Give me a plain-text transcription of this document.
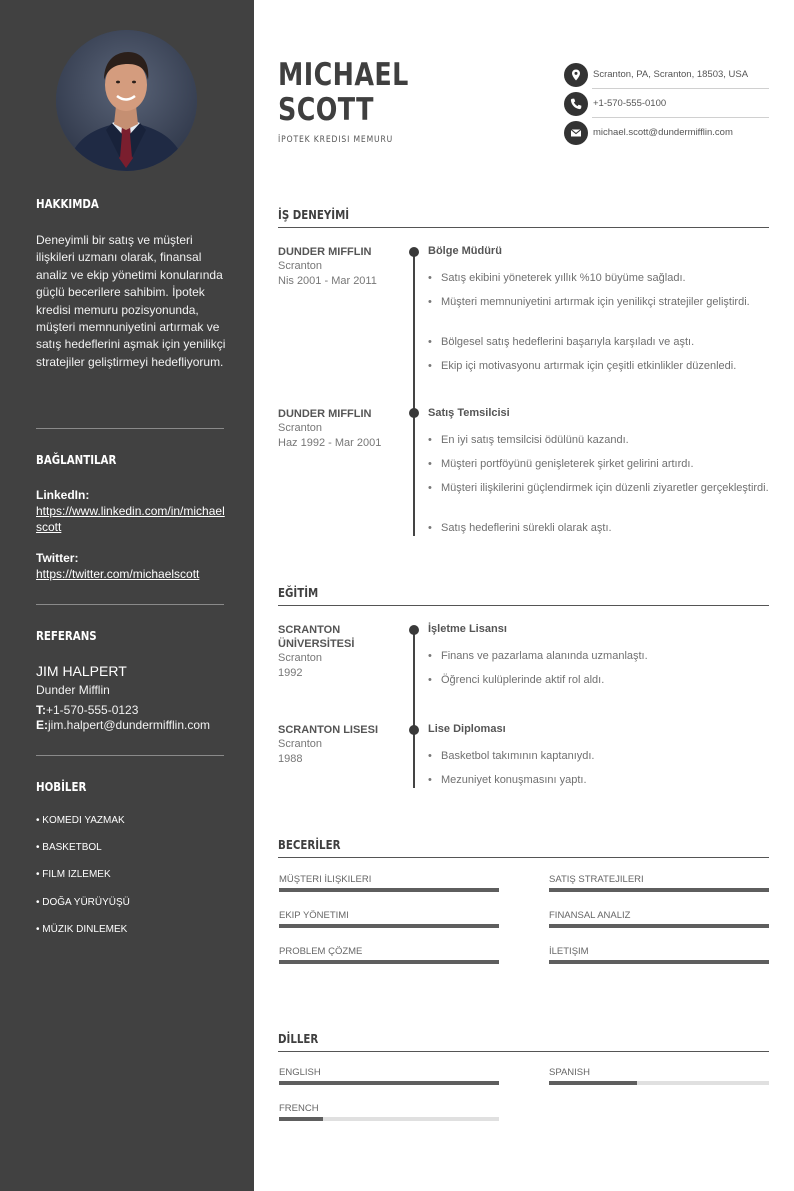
HAKKIMDA

Deneyimli bir satış ve müşteri ilişkileri uzmanı olarak, finansal analiz ve ekip yönetimi konularında güçlü becerilere sahibim. İpotek kredisi memuru pozisyonunda, müşteri memnuniyetini artırmak ve satış hedeflerini aşmak için yenilikçi stratejiler geliştirmeyi hedefliyorum.

BAĞLANTILAR
LinkedIn:
https://www.linkedin.com/in/michaelscott
Twitter:
https://twitter.com/michaelscott
REFERANS
JIM HALPERT
Dunder Mifflin
T:+1-570-555-0123
E:jim.halpert@dundermifflin.com
HOBİLER
• KOMEDI YAZMAK
• BASKETBOL
• FILM IZLEMEK
• DOĞA YÜRÜYÜŞÜ
• MÜZIK DINLEMEK
MICHAEL
SCOTT
İPOTEK KREDISI MEMURU
Scranton, PA, Scranton, 18503, USA
+1-570-555-0100
michael.scott@dundermifflin.com
İŞ DENEYİMİ
DUNDER MIFFLIN
Scranton
Nis 2001 - Mar 2011
Bölge Müdürü
• Satış ekibini yöneterek yıllık %10 büyüme sağladı.
• Müşteri memnuniyetini artırmak için yenilikçi stratejiler geliştirdi.
• Bölgesel satış hedeflerini başarıyla karşıladı ve aştı.
• Ekip içi motivasyonu artırmak için çeşitli etkinlikler düzenledi.
DUNDER MIFFLIN
Scranton
Haz 1992 - Mar 2001
Satış Temsilcisi
• En iyi satış temsilcisi ödülünü kazandı.
• Müşteri portföyünü genişleterek şirket gelirini artırdı.
• Müşteri ilişkilerini güçlendirmek için düzenli ziyaretler gerçekleştirdi.
• Satış hedeflerini sürekli olarak aştı.
EĞİTİM
SCRANTON ÜNİVERSİTESİ
Scranton
1992
İşletme Lisansı
• Finans ve pazarlama alanında uzmanlaştı.
• Öğrenci kulüplerinde aktif rol aldı.
SCRANTON LISESI
Scranton
1988
Lise Diploması
• Basketbol takımının kaptanıydı.
• Mezuniyet konuşmasını yaptı.
BECERİLER
MÜŞTERI İLIŞKILERI	SATIŞ STRATEJILERI
EKIP YÖNETIMI	FINANSAL ANALIZ
PROBLEM ÇÖZME	İLETIŞIM
DİLLER
ENGLISH	SPANISH
FRENCH
